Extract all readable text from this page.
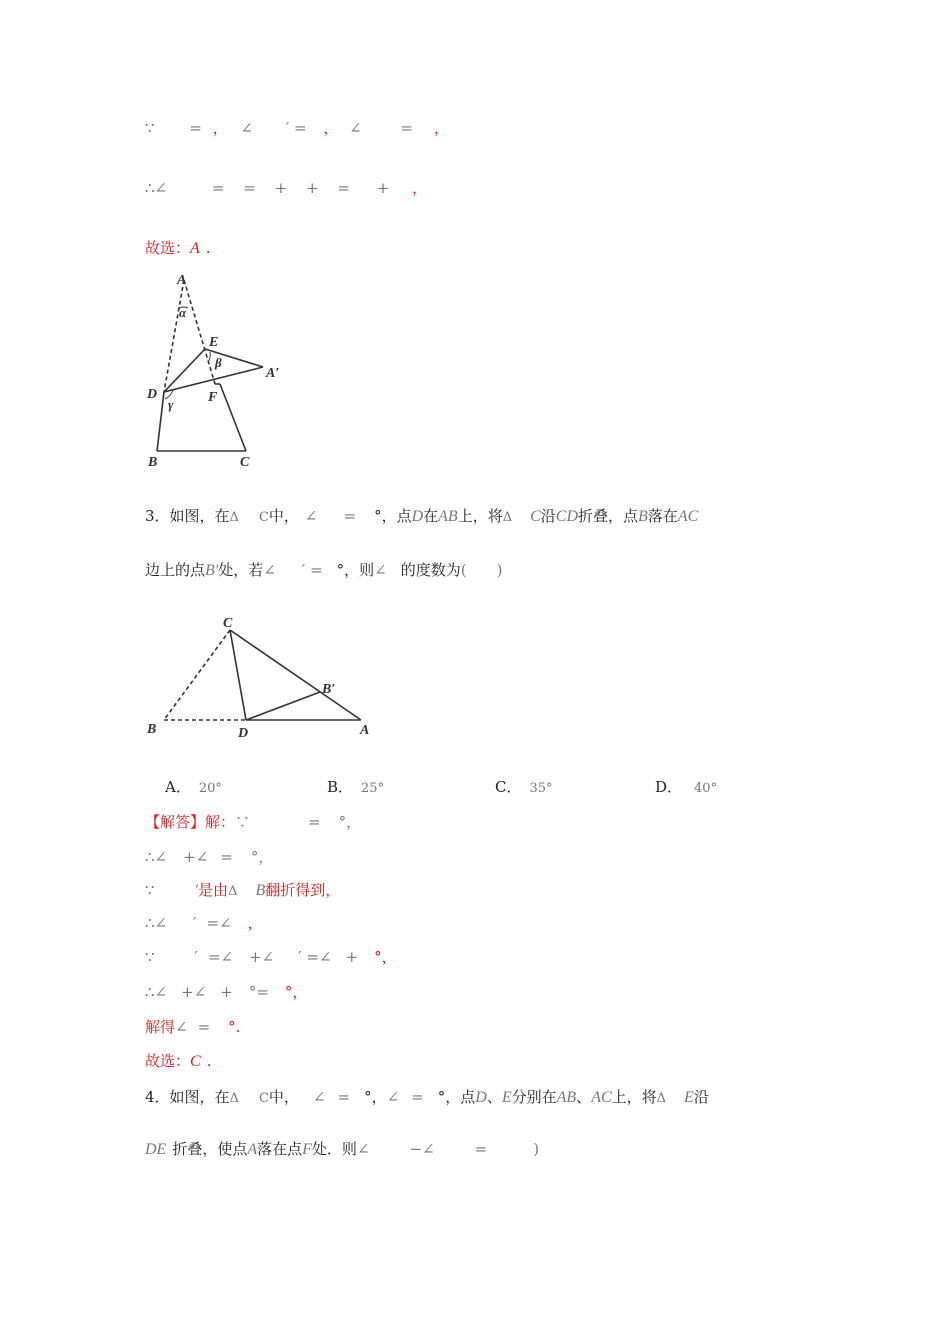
∵ = ， ∠ ′ = ， ∠	= ，
∴∠	= = + + = + ，
故选：A .
A
α
E
β
A′
D
γ F
B	C
3．如图，在Δ C中， ∠ = °，点D在AB上，将Δ C沿CD折叠，点B落在AC
边上的点B′处，若∠ ′ = °，则∠ 的度数为( )
C
B′
B	D	A
A． 20°	B． 25°	C． 35°	D． 40°
【解答】解：∵	= °，
∴∠ +∠ = °，
∵	′是由Δ B翻折得到，
∴∠ ′ =∠ ，
∵	′ =∠ +∠ ′ =∠ + °，
∴∠ +∠ + °= °，
解得∠ = °.
故选：C .
4．如图，在Δ C中， ∠ = °，∠ = °，点D、E分别在AB、AC上，将Δ E沿
DE 折叠，使点A落在点F处．则∠	−∠	=	)
